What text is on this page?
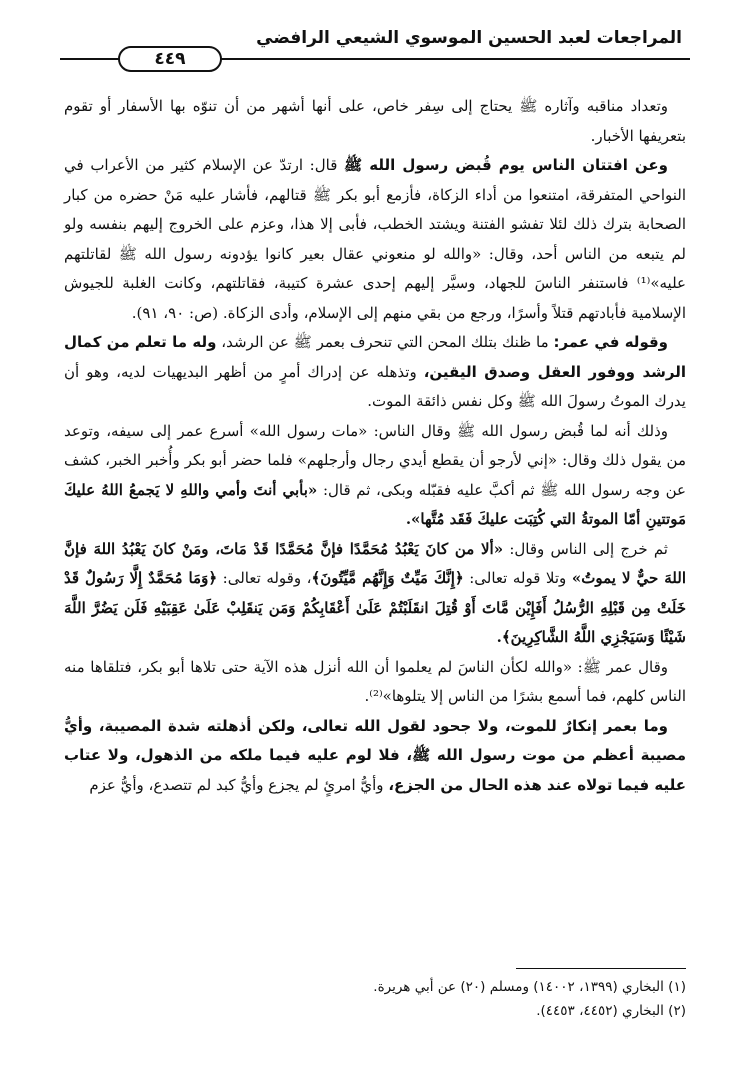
المراجعات لعبد الحسين الموسوي الشيعي الرافضي
٤٤٩

وتعداد مناقبه وآثاره ﷺ يحتاج إلى سِفر خاص، على أنها أشهر من أن تنوّه بها الأسفار أو تقوم بتعريفها الأخبار.

وعن افتتان الناس يوم قُبض رسول الله ﷺ قال: ارتدّ عن الإسلام كثير من الأعراب في النواحي المتفرقة، امتنعوا من أداء الزكاة، فأزمع أبو بكر ﷺ قتالهم، فأشار عليه مَنْ حضره من كبار الصحابة بترك ذلك لئلا تفشو الفتنة ويشتد الخطب، فأبى إلا هذا، وعزم على الخروج إليهم بنفسه ولو لم يتبعه من الناس أحد، وقال: «والله لو منعوني عقال بعير كانوا يؤدونه رسول الله ﷺ لقاتلتهم عليه»⁽¹⁾ فاستنفر الناسَ للجهاد، وسيَّر إليهم إحدى عشرة كتيبة، فقاتلتهم، وكانت الغلبة للجيوش الإسلامية فأبادتهم قتلاً وأسرًا، ورجع من بقي منهم إلى الإسلام، وأدى الزكاة. (ص: ٩٠، ٩١).

وقوله في عمر: ما ظنك بتلك المحن التي تنحرف بعمر ﷺ عن الرشد، وله ما تعلم من كمال الرشد ووفور العقل وصدق اليقين، وتذهله عن إدراك أمرٍ من أظهر البديهيات لديه، وهو أن يدرك الموتُ رسولَ الله ﷺ وكل نفس ذائقة الموت.

وذلك أنه لما قُبض رسول الله ﷺ وقال الناس: «مات رسول الله» أسرع عمر إلى سيفه، وتوعد من يقول ذلك وقال: «إني لأرجو أن يقطع أيدي رجال وأرجلهم» فلما حضر أبو بكر وأُخبر الخبر، كشف عن وجه رسول الله ﷺ ثم أكبَّ عليه فقبّله وبكى، ثم قال: «بأبي أنتَ وأمي واللهِ لا يَجمعُ اللهُ عليكَ مَوتتينِ أمّا الموتةُ التي كُتِبَت عليكَ فَقَد مُتَّها».

ثم خرج إلى الناس وقال: «ألا من كانَ يَعْبُدُ مُحَمَّدًا فإنَّ مُحَمَّدًا قَدْ مَاتَ، ومَنْ كانَ يَعْبُدُ اللهَ فإنَّ اللهَ حيٌّ لا يموتُ» وتلا قوله تعالى: ﴿إِنَّكَ مَيِّتٌ وَإِنَّهُم مَّيِّتُونَ﴾، وقوله تعالى: ﴿وَمَا مُحَمَّدٌ إِلَّا رَسُولٌ قَدْ خَلَتْ مِن قَبْلِهِ الرُّسُلُ أَفَإِيْن مَّاتَ أَوْ قُتِلَ انقَلَبْتُمْ عَلَىٰ أَعْقَابِكُمْ وَمَن يَنقَلِبْ عَلَىٰ عَقِبَيْهِ فَلَن يَضُرَّ اللَّهَ شَيْئًا وَسَيَجْزِي اللَّهُ الشَّاكِرِينَ﴾.

وقال عمر ﷺ: «والله لكأن الناسَ لم يعلموا أن الله أنزل هذه الآية حتى تلاها أبو بكر، فتلقاها منه الناس كلهم، فما أسمع بشرًا من الناس إلا يتلوها»⁽²⁾.

وما بعمر إنكارٌ للموت، ولا جحود لقول الله تعالى، ولكن أذهلته شدة المصيبة، وأيُّ مصيبة أعظم من موت رسول الله ﷺ، فلا لوم عليه فيما ملكه من الذهول، ولا عتاب عليه فيما تولاه عند هذه الحال من الجزع، وأيُّ امرئٍ لم يجزع وأيُّ كبد لم تتصدع، وأيُّ عزم

(١) البخاري (١٣٩٩، ١٤٠٠٢) ومسلم (٢٠) عن أبي هريرة.

(٢) البخاري (٤٤٥٢، ٤٤٥٣).
